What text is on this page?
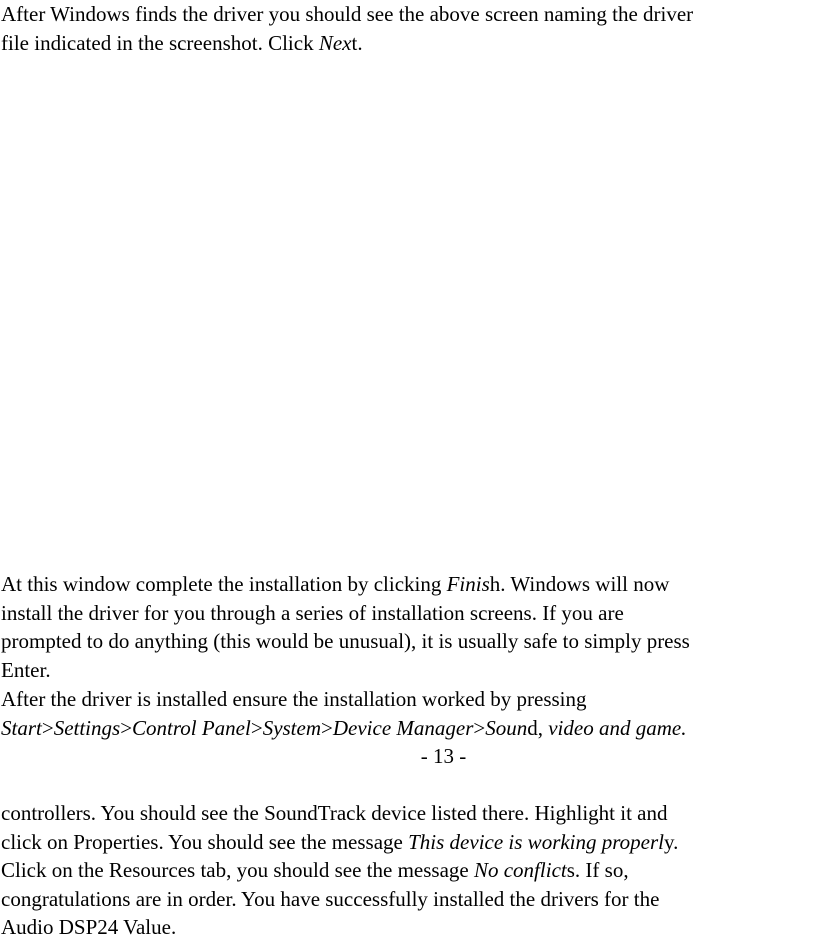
After Windows finds the driver you should see the above screen naming the driver
file indicated in the screenshot. Click Next.

At this window complete the installation by clicking Finish. Windows will now
install the driver for you through a series of installation screens. If you are
prompted to do anything (this would be unusual), it is usually safe to simply press
Enter.

After the driver is installed ensure the installation worked by pressing
Start>Settings>Control Panel>System>Device Manager>Sound, video and game.

- 13 -

controllers. You should see the SoundTrack device listed there. Highlight it and
click on Properties. You should see the message This device is working properly.
Click on the Resources tab, you should see the message No conflicts. If so,
congratulations are in order. You have successfully installed the drivers for the
Audio DSP24 Value.
